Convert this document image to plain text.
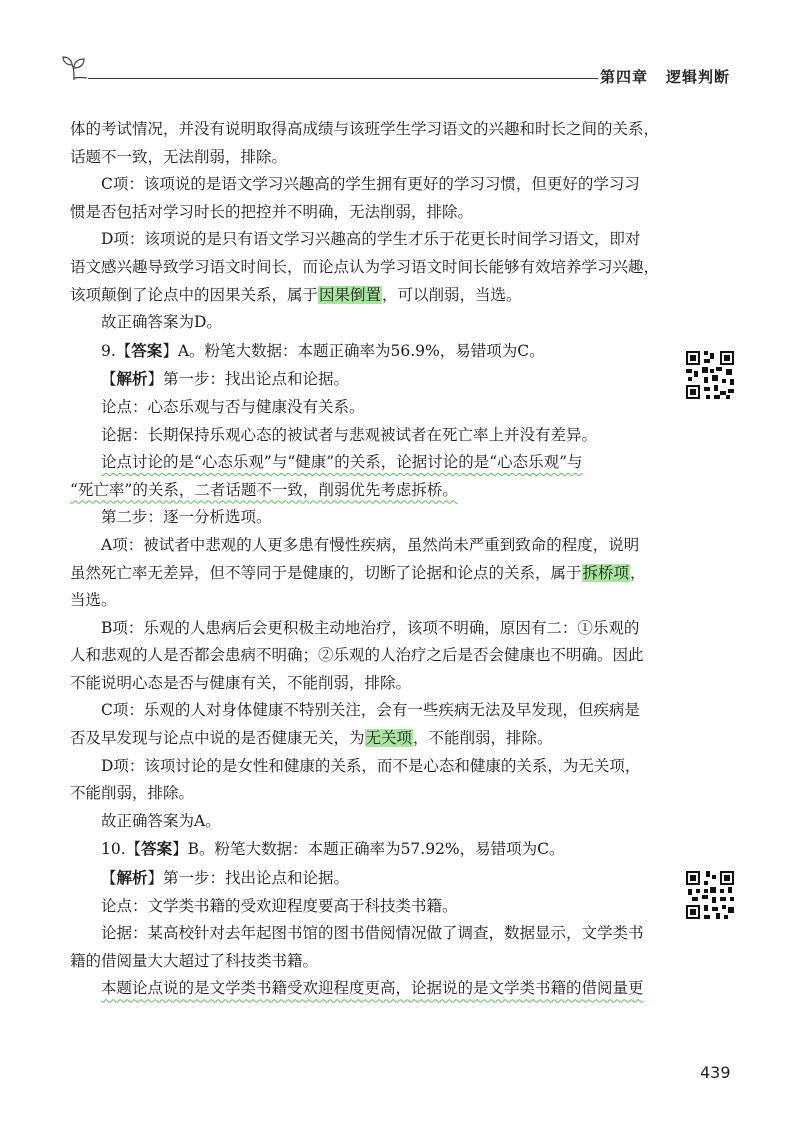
第四章 逻辑判断

体的考试情况，并没有说明取得高成绩与该班学生学习语文的兴趣和时长之间的关系，

话题不一致，无法削弱，排除。

C项：该项说的是语文学习兴趣高的学生拥有更好的学习习惯，但更好的学习习

惯是否包括对学习时长的把控并不明确，无法削弱，排除。

D项：该项说的是只有语文学习兴趣高的学生才乐于花更长时间学习语文，即对

语文感兴趣导致学习语文时间长，而论点认为学习语文时间长能够有效培养学习兴趣，

该项颠倒了论点中的因果关系，属于因果倒置，可以削弱，当选。

故正确答案为D。

9.【答案】A。粉笔大数据：本题正确率为56.9%，易错项为C。

【解析】第一步：找出论点和论据。

论点：心态乐观与否与健康没有关系。

论据：长期保持乐观心态的被试者与悲观被试者在死亡率上并没有差异。

论点讨论的是“心态乐观”与“健康”的关系，论据讨论的是“心态乐观”与

“死亡率”的关系，二者话题不一致，削弱优先考虑拆桥。

第二步：逐一分析选项。

A项：被试者中悲观的人更多患有慢性疾病，虽然尚未严重到致命的程度，说明

虽然死亡率无差异，但不等同于是健康的，切断了论据和论点的关系，属于拆桥项，

当选。

B项：乐观的人患病后会更积极主动地治疗，该项不明确，原因有二：①乐观的

人和悲观的人是否都会患病不明确；②乐观的人治疗之后是否会健康也不明确。因此

不能说明心态是否与健康有关，不能削弱，排除。

C项：乐观的人对身体健康不特别关注，会有一些疾病无法及早发现，但疾病是

否及早发现与论点中说的是否健康无关，为无关项，不能削弱，排除。

D项：该项讨论的是女性和健康的关系，而不是心态和健康的关系，为无关项，

不能削弱，排除。

故正确答案为A。

10.【答案】B。粉笔大数据：本题正确率为57.92%，易错项为C。

【解析】第一步：找出论点和论据。

论点：文学类书籍的受欢迎程度要高于科技类书籍。

论据：某高校针对去年起图书馆的图书借阅情况做了调查，数据显示，文学类书

籍的借阅量大大超过了科技类书籍。

本题论点说的是文学类书籍受欢迎程度更高，论据说的是文学类书籍的借阅量更

439
